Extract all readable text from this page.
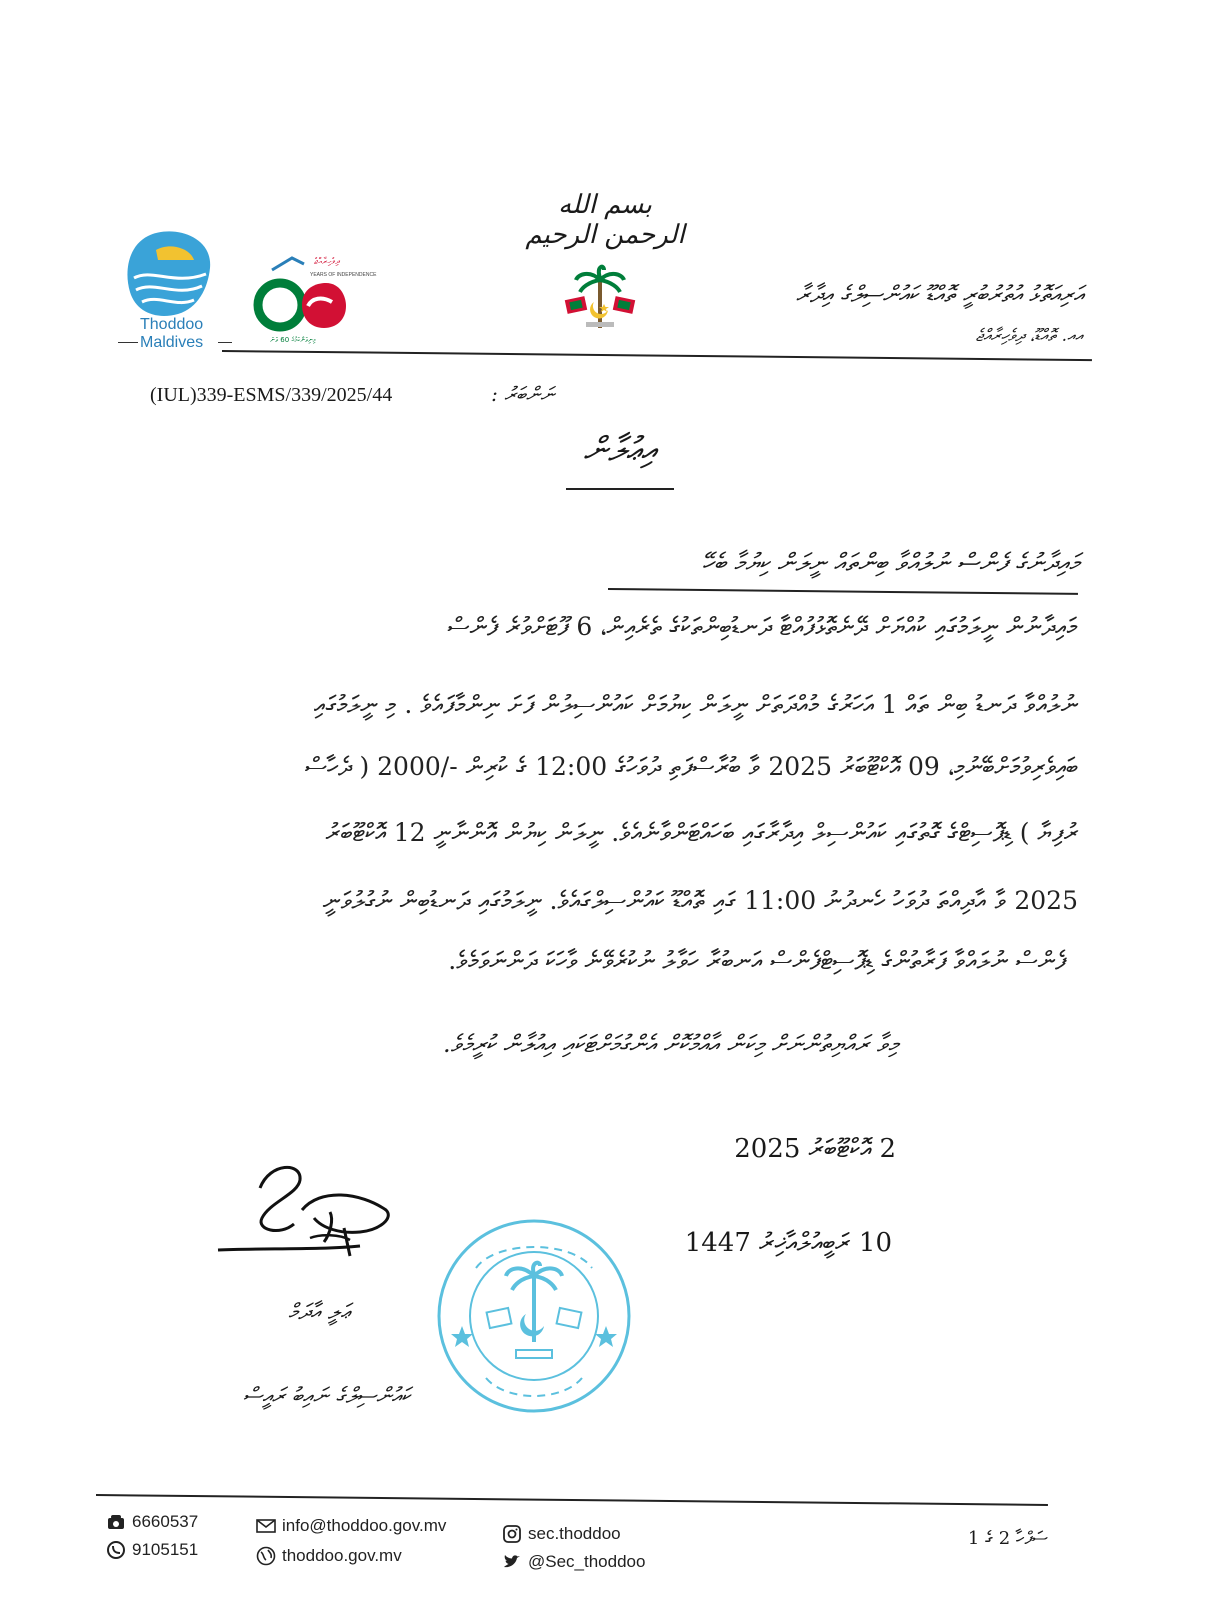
بسم الله الرحمن الرحيم
Thoddoo
Maldives
ދިވެހިރާއްޖެ
YEARS OF INDEPENDENCE
މިނިވަންކަމުގެ 60 ވަނަ
އަރިއަތޮޅު އުތުރުބުރީ ތޮއްޑޫ ކައުންސިލްގެ އިދާރާ
އއ. ތޮއްޑޫ، ދިވެހިރާއްޖެ
(IUL)339-ESMS/339/2025/44	ނަންބަރު :
އިޢުލާން
މައިދާނުގެ ފެންސް ނުލުއްވާ ބިންތައް ނީލަން ކިޔުމާ ބެހޭ
މައިދާނުން ނީލަމުގައި ކުއްޔަށް ދޭނެތޮޅުފުއްޓާ ދަނޑުބިންތަކުގެ ތެރެއިން، 6 ފޫޓަށްވުރެ ފެންސް
ނުލުއްވާ ދަނޑު ބިން ތައް 1 އަހަރުގެ މުއްދަތަށް ނީލަން ކިޔުމަށް ކައުންސިލުން ފަށަ ނިންމާފައެވެ . މި ނީލަމުގައި
ބައިވެރިވުމަށްބޭނުމި، 09 އޮކްޓޫބަރު 2025 ވާ ބުރާސްފަތި ދުވަހުގެ 12:00 ގެ ކުރިން -/2000 ( ދެހާސް
ރުފިޔާ ) ޑިޕޮސިޓްގެ ގޮތުގައި ކައުންސިލް އިދާރާގައި ބަހައްޓަންވާނެއެވެ. ނީލަން ކިޔުން އޮންނާނީ 12 އޮކްޓޫބަރު
2025 ވާ އާދިއްތަ ދުވަހު ހެނދުނު 11:00 ގައި ތޮއްޑޫ ކައުންސިލްގައެވެ. ނީލަމުގައި ދަނޑުބިން ނުގުލުވަނީ
ފެންސް ނުލައްވާ ފަރާތުންގެ ޑިޕޮސިޓްފެންސް އަނބުރާ ހަވާލު ނުކުރެވޭނެ ވާހަކަ ދަންނަވަމެވެ.
މިވާ ރައްޔިތުންނަށް މިކަން އާއްމުކޮށް އެންގުމަށްޓަކައި އިއުލާން ކުރީމެވެ.
2 އޮކްޓޫބަރު 2025
10 ރަބީއުލްއާޚިރު 1447
ޢަލީ އާދަމް
ކައުންސިލްގެ ނައިބު ރައީސް
6660537
9105151
info@thoddoo.gov.mv
thoddoo.gov.mv
sec.thoddoo
@Sec_thoddoo
ސަފްހާ 2 ގެ 1
